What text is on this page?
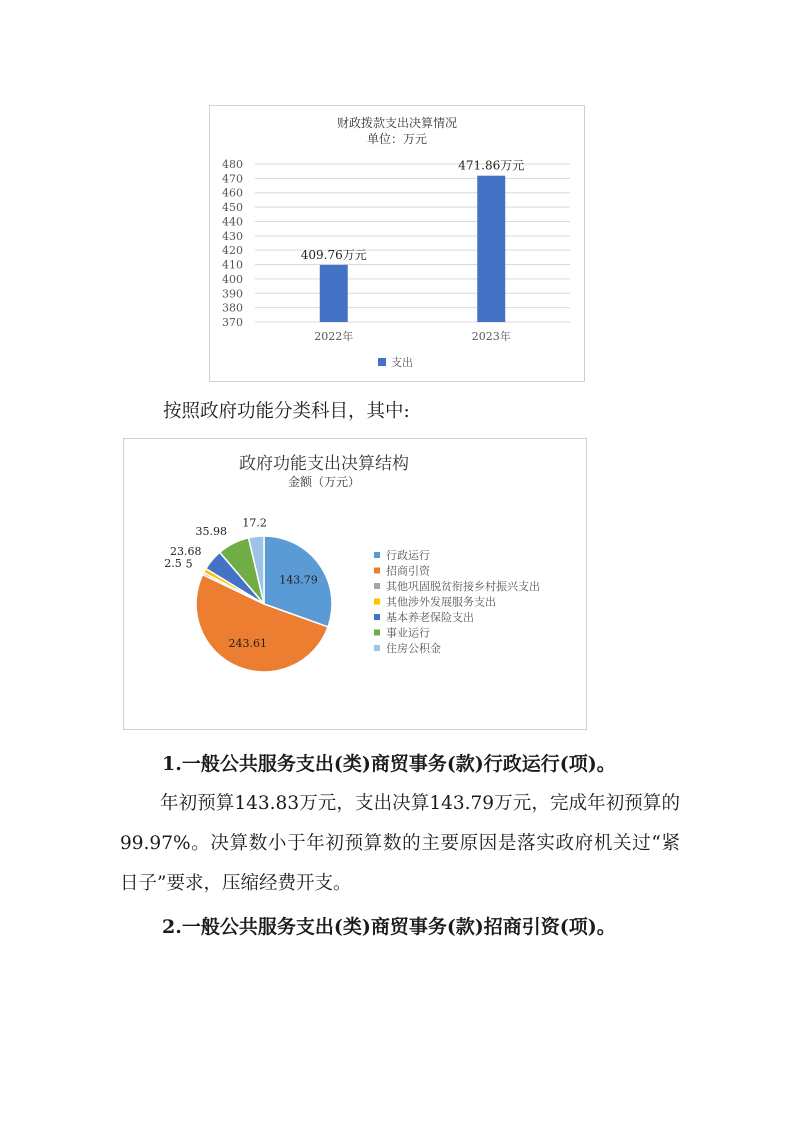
财政拨款支出决算情况
单位：万元
370
380
390
400
410
420
430
440
450
460
470
480
409.76万元
2022年
471.86万元
2023年
支出

按照政府功能分类科目，其中:

政府功能支出决算结构
金额（万元）
143.79
243.61
2.5 5
23.68
35.98
17.2
行政运行
招商引资
其他巩固脱贫衔接乡村振兴支出
其他涉外发展服务支出
基本养老保险支出
事业运行
住房公积金

1.一般公共服务支出(类)商贸事务(款)行政运行(项)。

年初预算143.83万元，支出决算143.79万元，完成年初预算的99.97%。决算数小于年初预算数的主要原因是落实政府机关过“紧日子”要求，压缩经费开支。

2.一般公共服务支出(类)商贸事务(款)招商引资(项)。
